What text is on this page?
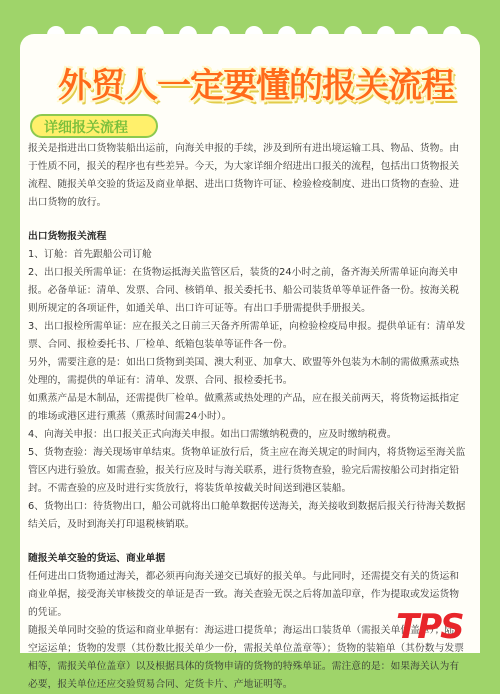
外贸人一定要懂的报关流程
详细报关流程

报关是指进出口货物装船出运前，向海关申报的手续，涉及到所有进出境运输工具、物品、货物。由于性质不同，报关的程序也有些差异。今天，为大家详细介绍进出口报关的流程，包括出口货物报关流程、随报关单交验的货运及商业单据、进出口货物许可证、检验检疫制度、进出口货物的查验、进出口货物的放行。

出口货物报关流程

1、订舱：首先跟船公司订舱

2、出口报关所需单证：在货物运抵海关监管区后，装货的24小时之前，备齐海关所需单证向海关申报。必备单证：清单、发票、合同、核销单、报关委托书、船公司装货单等单证件备一份。按海关税则所规定的各项证件，如通关单、出口许可证等。有出口手册需提供手册报关。

3、出口报检所需单证：应在报关之日前三天备齐所需单证，向检验检疫局申报。提供单证有：清单发票、合同、报检委托书、厂检单、纸箱包装单等证件各一份。

另外，需要注意的是：如出口货物到美国、澳大利亚、加拿大、欧盟等外包装为木制的需做熏蒸或热处理的，需提供的单证有：清单、发票、合同、报检委托书。

如熏蒸产品是木制品，还需提供厂检单。做熏蒸或热处理的产品，应在报关前两天，将货物运抵指定的堆场或港区进行熏蒸（熏蒸时间需24小时）。

4、向海关申报：出口报关正式向海关申报。如出口需缴纳税费的，应及时缴纳税费。

5、货物查验：海关现场审单结束。货物单证放行后，货主应在海关规定的时间内，将货物运至海关监管区内进行验放。如需查验，报关行应及时与海关联系，进行货物查验，验完后需按船公司封指定铅封。不需查验的应及时进行实货放行，将装货单按截关时间送到港区装船。

6、货物出口：待货物出口，船公司就将出口舱单数据传送海关，海关接收到数据后报关行待海关数据结关后，及时到海关打印退税核销联。

随报关单交验的货运、商业单据

任何进出口货物通过海关，都必须再向海关递交已填好的报关单。与此同时，还需提交有关的货运和商业单据，接受海关审核拨交的单证是否一致。海关查验无误之后将加盖印章，作为提取或发运货物的凭证。

随报关单同时交验的货运和商业单据有：海运进口提货单；海运出口装货单（需报关单位盖章）；陆、空运运单；货物的发票（其份数比报关单少一份，需报关单位盖章等）；货物的装箱单（其份数与发票相等，需报关单位盖章）以及根据具体的货物申请的货物的特殊单证。需注意的是：如果海关认为有必要，报关单位还应交验贸易合同、定货卡片、产地证明等。

TPS
